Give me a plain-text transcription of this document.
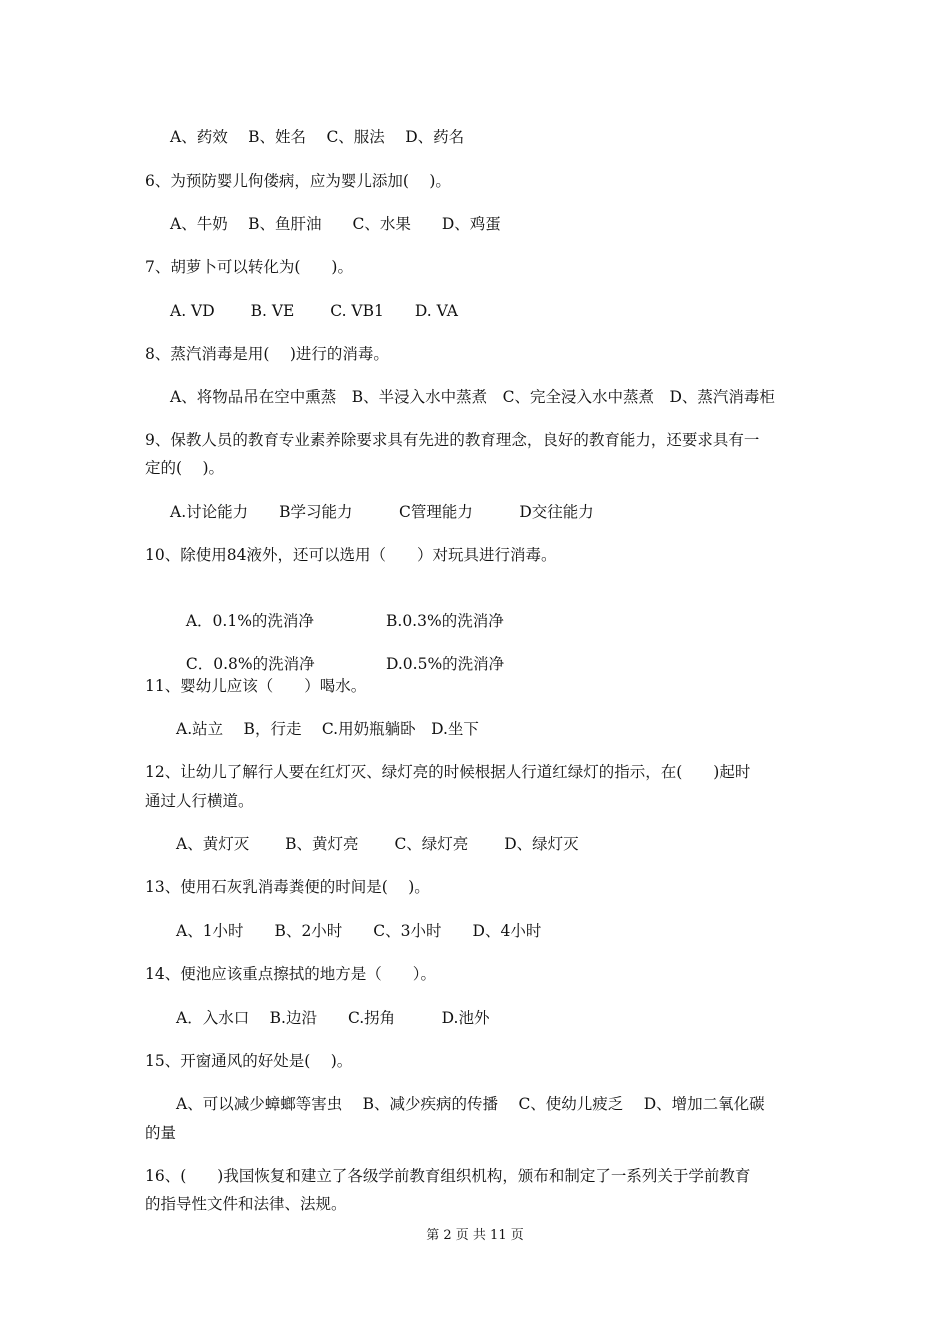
A、药效　 B、姓名　 C、服法　 D、药名
6、为预防婴儿佝偻病，应为婴儿添加(　 )。
A、牛奶　 B、鱼肝油　　C、水果　　D、鸡蛋
7、胡萝卜可以转化为(　　)。
A. VD　　 B. VE　　 C. VB1　　D. VA
8、蒸汽消毒是用(　 )进行的消毒。
A、将物品吊在空中熏蒸　B、半浸入水中蒸煮　C、完全浸入水中蒸煮　D、蒸汽消毒柜
9、保教人员的教育专业素养除要求具有先进的教育理念，良好的教育能力，还要求具有一
定的(　 )。
A.讨论能力　　B学习能力　　　C管理能力　　　D交往能力
10、除使用84液外，还可以选用（　　）对玩具进行消毒。

A．0.1%的洗消净	B.0.3%的洗消净

C．0.8%的洗消净	D.0.5%的洗消净

11、婴幼儿应该（　　）喝水。
A.站立　 B，行走　 C.用奶瓶躺卧　D.坐下
12、让幼儿了解行人要在红灯灭、绿灯亮的时候根据人行道红绿灯的指示，在(　　)起时
通过人行横道。
A、黄灯灭　　 B、黄灯亮　　 C、绿灯亮　　 D、绿灯灭
13、使用石灰乳消毒粪便的时间是(　 )。
A、1小时　　B、2小时　　C、3小时　　D、4小时
14、便池应该重点擦拭的地方是（　　）。
A．入水口　 B.边沿　　C.拐角　　　D.池外
15、开窗通风的好处是(　 )。
A、可以减少蟑螂等害虫　 B、减少疾病的传播　 C、使幼儿疲乏　 D、增加二氧化碳
的量
16、(　　)我国恢复和建立了各级学前教育组织机构，颁布和制定了一系列关于学前教育
的指导性文件和法律、法规。
第 2 页 共 11 页
